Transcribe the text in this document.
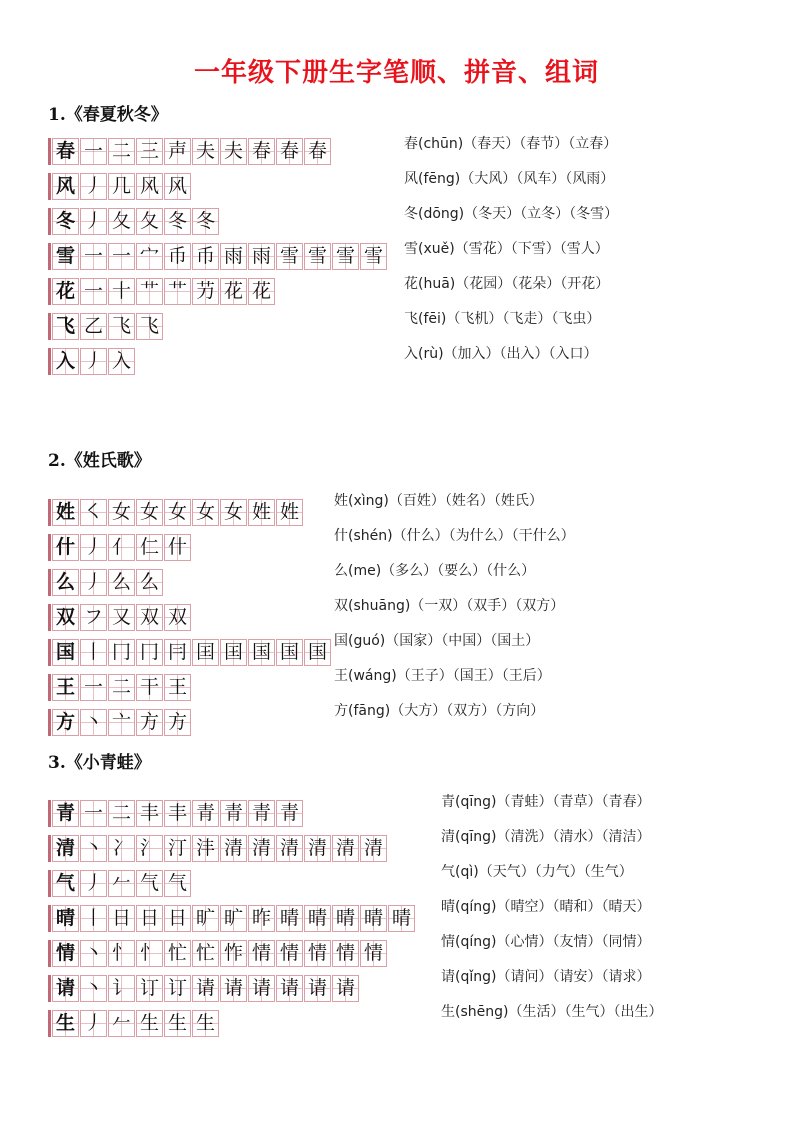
一年级下册生字笔顺、拼音、组词
1.《春夏秋冬》
春 一 二 三 声 夫 夫 春 春 春
风 丿 几 风 风
冬 丿 夂 夂 冬 冬
雪 一 一 宀 币 币 雨 雨 雪 雪 雪 雪
花 一 十 艹 艹 芀 花 花
飞 乙 飞 飞
入 丿 入
春(chūn)（春天）（春节）（立春）
风(fēng)（大风）（风车）（风雨）
冬(dōng)（冬天）（立冬）（冬雪）
雪(xuě)（雪花）（下雪）（雪人）
花(huā)（花园）（花朵）（开花）
飞(fēi)（飞机）（飞走）（飞虫）
入(rù)（加入）（出入）（入口）
2.《姓氏歌》
姓 ㇛ 女 女 女 女 女 姓 姓
什 丿 亻 仁 什
么 丿 么 么
双 フ 又 双 双
国 丨 冂 冂 冃 囯 囯 国 国 国
王 一 二 干 王
方 丶 亠 方 方
姓(xìng)（百姓）（姓名）（姓氏）
什(shén)（什么）（为什么）（干什么）
么(me)（多么）（要么）（什么）
双(shuāng)（一双）（双手）（双方）
国(guó)（国家）（中国）（国土）
王(wáng)（王子）（国王）（王后）
方(fāng)（大方）（双方）（方向）
3.《小青蛙》
青 一 二 丰 丰 青 青 青 青
清 丶 冫 氵 汀 沣 清 清 清 清 清 清
气 丿 𠂉 气 气
晴 丨 日 日 日 旷 旷 昨 晴 晴 晴 晴 晴
情 丶 忄 忄 忙 忙 怍 情 情 情 情 情
请 丶 讠 订 订 请 请 请 请 请 请
生 丿 𠂉 生 生 生
青(qīng)（青蛙）（青草）（青春）
清(qīng)（清洗）（清水）（清洁）
气(qì)（天气）（力气）（生气）
晴(qíng)（晴空）（晴和）（晴天）
情(qíng)（心情）（友情）（同情）
请(qǐng)（请问）（请安）（请求）
生(shēng)（生活）（生气）（出生）
